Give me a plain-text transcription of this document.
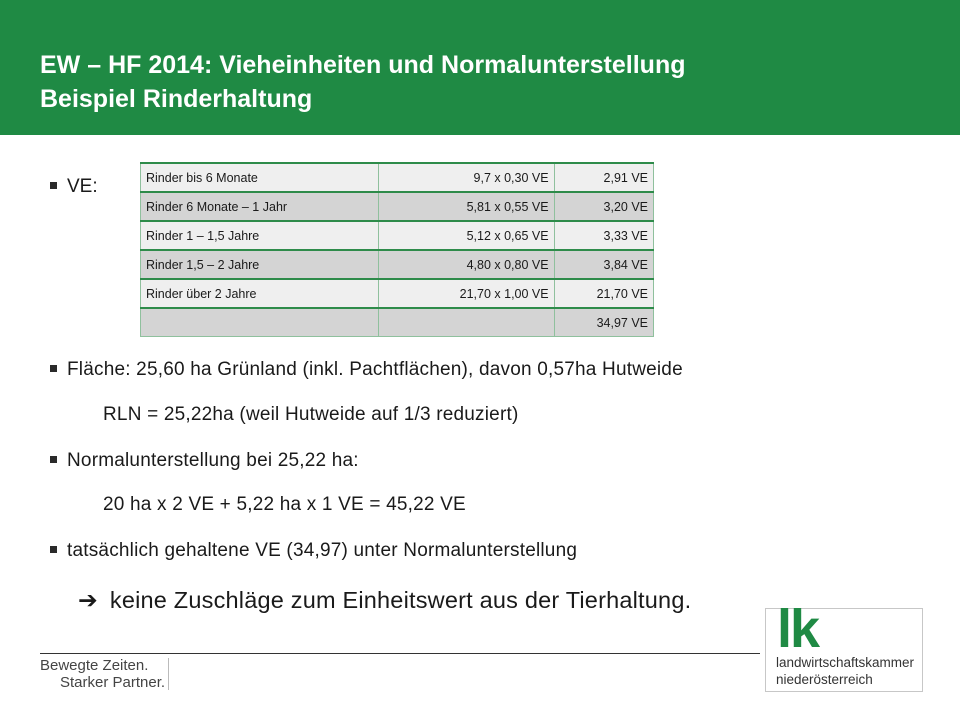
EW – HF 2014: Vieheinheiten und Normalunterstellung
Beispiel Rinderhaltung
VE:	Rinder bis 6 Monate	9,7 x 0,30 VE	2,91 VE
Rinder 6 Monate – 1 Jahr	5,81 x 0,55 VE	3,20 VE
Rinder 1 – 1,5 Jahre	5,12 x 0,65 VE	3,33 VE
Rinder 1,5 – 2 Jahre	4,80 x 0,80 VE	3,84 VE
Rinder über 2 Jahre	21,70 x 1,00 VE	21,70 VE
		34,97 VE
Fläche: 25,60 ha Grünland (inkl. Pachtflächen), davon 0,57ha Hutweide
RLN = 25,22ha (weil Hutweide auf 1/3 reduziert)
Normalunterstellung bei 25,22 ha:
20 ha x 2 VE + 5,22 ha x 1 VE = 45,22 VE
tatsächlich gehaltene VE (34,97) unter Normalunterstellung
➔ keine Zuschläge zum Einheitswert aus der Tierhaltung.
Bewegte Zeiten.
Starker Partner.
lk
landwirtschaftskammer
niederösterreich
